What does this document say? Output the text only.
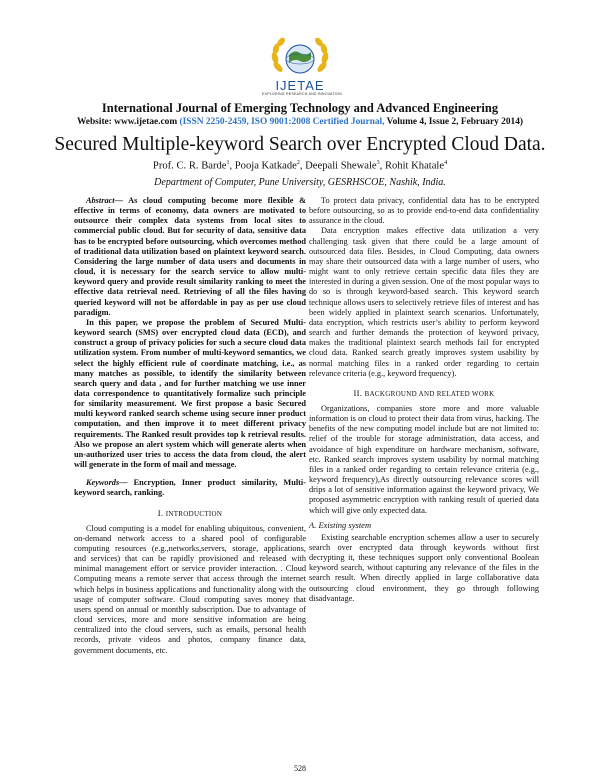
IJETAE
EXPLORING RESEARCH AND INNOVATION
International Journal of Emerging Technology and Advanced Engineering
Website: www.ijetae.com (ISSN 2250-2459, ISO 9001:2008 Certified Journal, Volume 4, Issue 2, February 2014)
Secured Multiple-keyword Search over Encrypted Cloud Data.
Prof. C. R. Barde$^1$, Pooja Katkade$^2$, Deepali Shewale$^3$, Rohit Khatale$^4$
Department of Computer, Pune University, GESRHSCOE, Nashik, India.

Abstract— As cloud computing become more flexible & effective in terms of economy, data owners are motivated to outsource their complex data systems from local sites to commercial public cloud. But for security of data, sensitive data has to be encrypted before outsourcing, which overcomes method of traditional data utilization based on plaintext keyword search. Considering the large number of data users and documents in cloud, it is necessary for the search service to allow multi-keyword query and provide result similarity ranking to meet the effective data retrieval need. Retrieving of all the files having queried keyword will not be affordable in pay as per use cloud paradigm.

In this paper, we propose the problem of Secured Multi-keyword search (SMS) over encrypted cloud data (ECD), and construct a group of privacy policies for such a secure cloud data utilization system. From number of multi-keyword semantics, we select the highly efficient rule of coordinate matching, i.e., as many matches as possible, to identify the similarity between search query and data , and for further matching we use inner data correspondence to quantitatively formalize such principle for similarity measurement. We first propose a basic Secured multi keyword ranked search scheme using secure inner product computation, and then improve it to meet different privacy requirements. The Ranked result provides top k retrieval results. Also we propose an alert system which will generate alerts when un-authorized user tries to access the data from cloud, the alert will generate in the form of mail and message.

Keywords— Encryption, Inner product similarity, Multi-keyword search, ranking.

I. INTRODUCTION

Cloud computing is a model for enabling ubiquitous, convenient, on-demand network access to a shared pool of configurable computing resources (e.g.,networks,servers, storage, applications, and services) that can be rapidly provisioned and released with minimal management effort or service provider interaction. . Cloud Computing means a remote server that access through the internet which helps in business applications and functionality along with the usage of computer software. Cloud computing saves money that users spend on annual or monthly subscription. Due to advantage of cloud services, more and more sensitive information are being centralized into the cloud servers, such as emails, personal health records, private videos and photos, company finance data, government documents, etc.

To protect data privacy, confidential data has to be encrypted before outsourcing, so as to provide end-to-end data confidentiality assurance in the cloud.

Data encryption makes effective data utilization a very challenging task given that there could be a large amount of outsourced data files. Besides, in Cloud Computing, data owners may share their outsourced data with a large number of users, who might want to only retrieve certain specific data files they are interested in during a given session. One of the most popular ways to do so is through keyword-based search. This keyword search technique allows users to selectively retrieve files of interest and has been widely applied in plaintext search scenarios. Unfortunately, data encryption, which restricts user’s ability to perform keyword search and further demands the protection of keyword privacy, makes the traditional plaintext search methods fail for encrypted cloud data. Ranked search greatly improves system usability by normal matching files in a ranked order regarding to certain relevance criteria (e.g., keyword frequency).

II. BACKGROUND AND RELATED WORK

Organizations, companies store more and more valuable information is on cloud to protect their data from virus, hacking. The benefits of the new computing model include but are not limited to: relief of the trouble for storage administration, data access, and avoidance of high expenditure on hardware mechanism, software, etc. Ranked search improves system usability by normal matching files in a ranked order regarding to certain relevance criteria (e.g., keyword frequency),As directly outsourcing relevance scores will drips a lot of sensitive information against the keyword privacy, We proposed asymmetric encryption with ranking result of queried data which will give only expected data.

A. Existing system

Existing searchable encryption schemes allow a user to securely search over encrypted data through keywords without first decrypting it, these techniques support only conventional Boolean keyword search, without capturing any relevance of the files in the search result. When directly applied in large collaborative data outsourcing cloud environment, they go through following disadvantage.

528
